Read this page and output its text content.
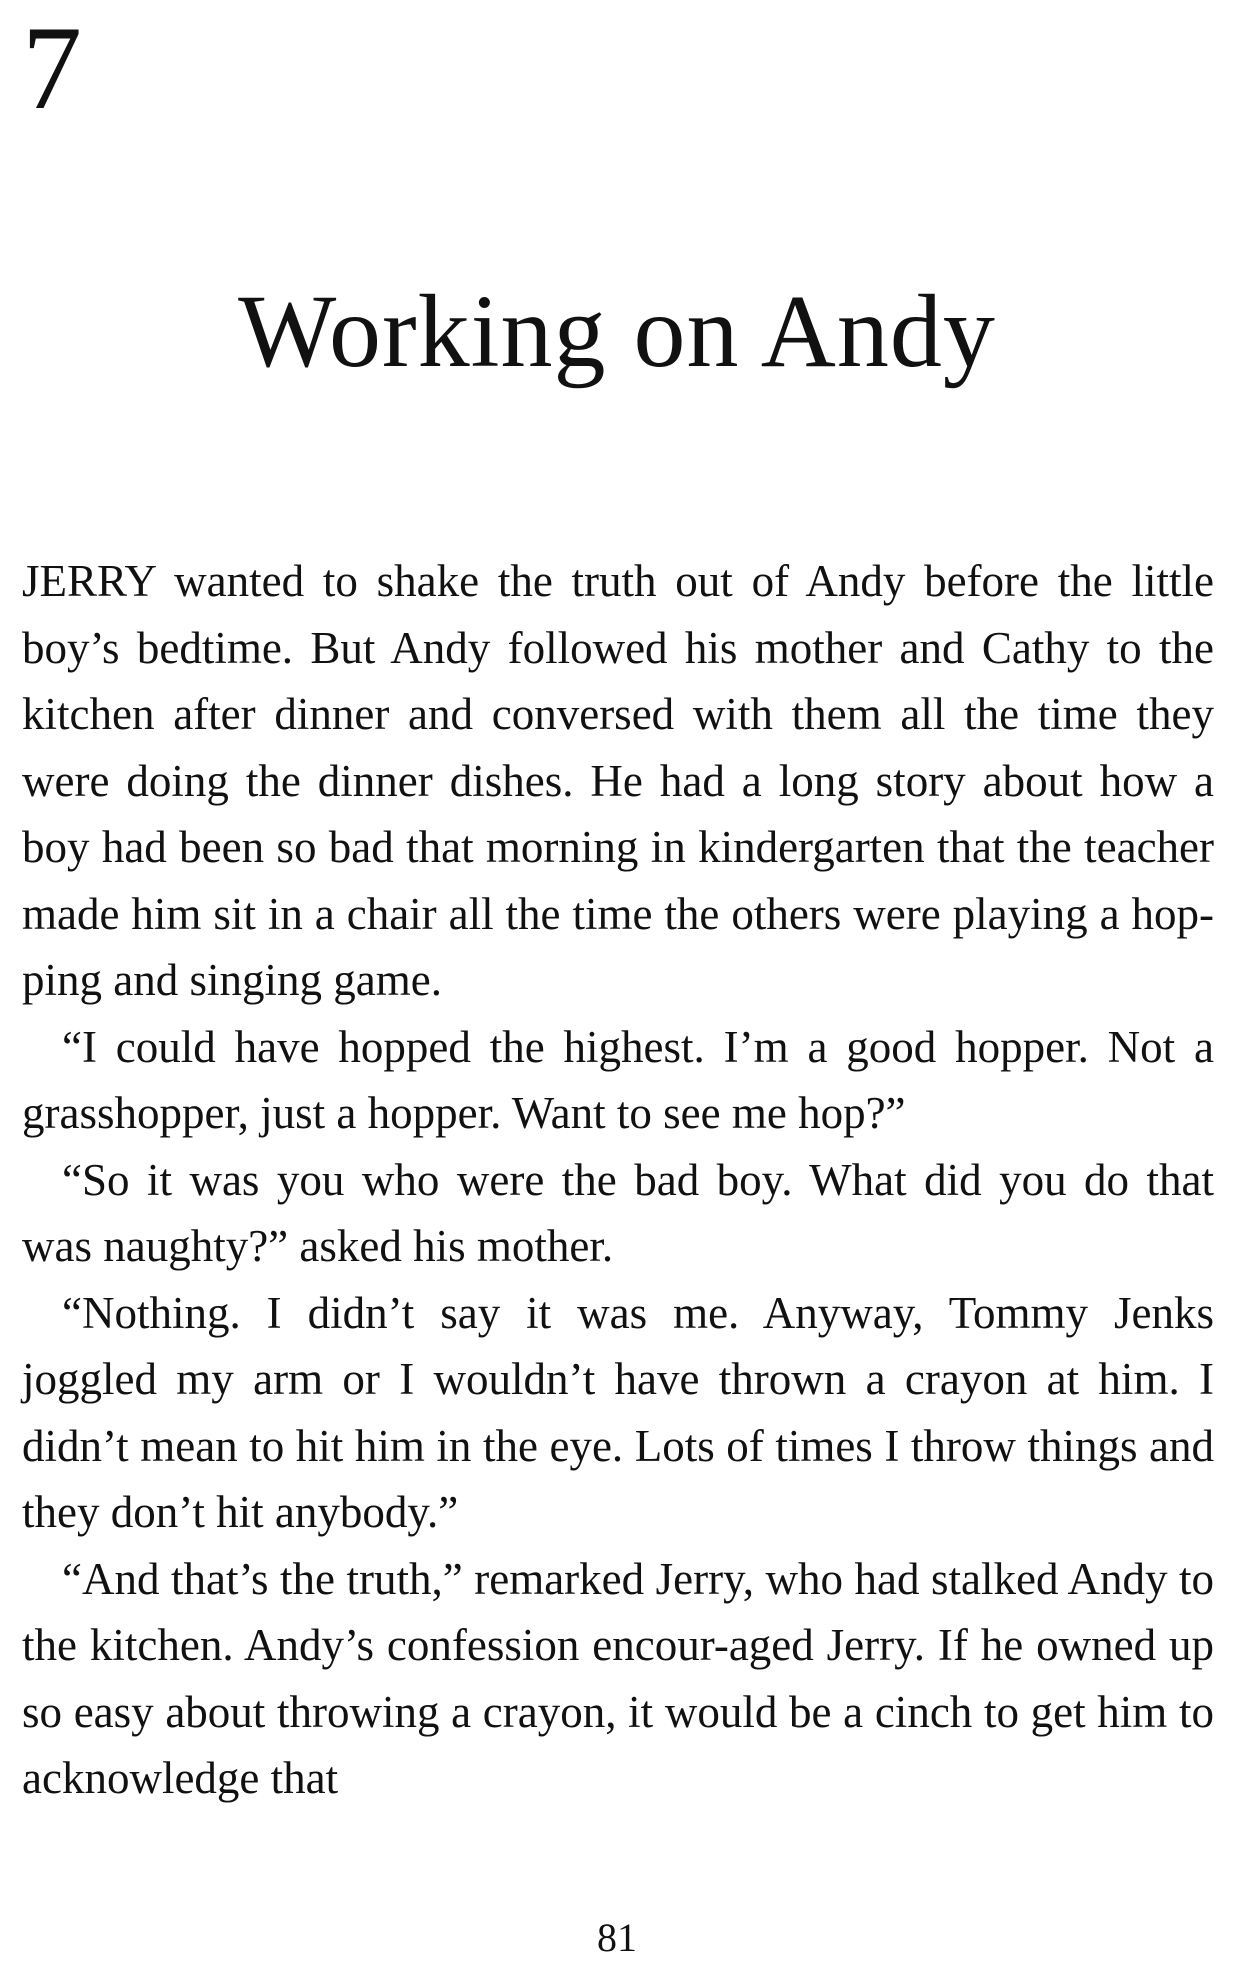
7
Working on Andy

JERRY wanted to shake the truth out of Andy before the little boy’s bedtime. But Andy followed his mother and Cathy to the kitchen after dinner and conversed with them all the time they were doing the dinner dishes. He had a long story about how a boy had been so bad that morning in kindergarten that the teacher made him sit in a chair all the time the others were playing a hop-ping and singing game.

“I could have hopped the highest. I’m a good hopper. Not a grasshopper, just a hopper. Want to see me hop?”

“So it was you who were the bad boy. What did you do that was naughty?” asked his mother.

“Nothing. I didn’t say it was me. Anyway, Tommy Jenks joggled my arm or I wouldn’t have thrown a crayon at him. I didn’t mean to hit him in the eye. Lots of times I throw things and they don’t hit anybody.”

“And that’s the truth,” remarked Jerry, who had stalked Andy to the kitchen. Andy’s confession encour-aged Jerry. If he owned up so easy about throwing a crayon, it would be a cinch to get him to acknowledge that

81
